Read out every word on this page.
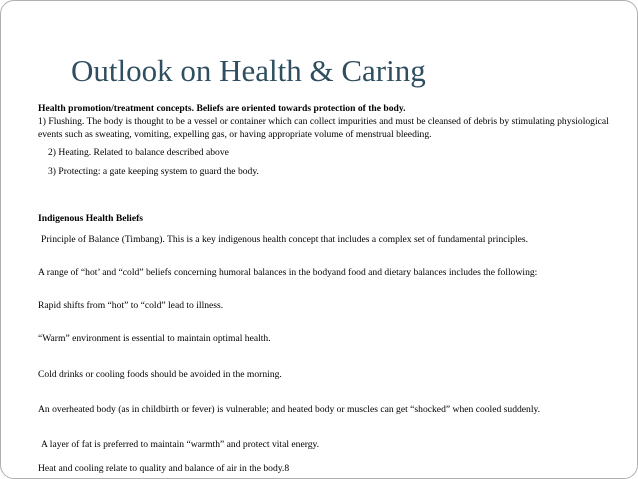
Outlook on Health & Caring
Health promotion/treatment concepts. Beliefs are oriented towards protection of the body.
1) Flushing. The body is thought to be a vessel or container which can collect impurities and must be cleansed of debris by stimulating physiological events such as sweating, vomiting, expelling gas, or having appropriate volume of menstrual bleeding.
2) Heating. Related to balance described above
3) Protecting: a gate keeping system to guard the body.
Indigenous Health Beliefs
Principle of Balance (Timbang). This is a key indigenous health concept that includes a complex set of fundamental principles.
A range of “hot’ and “cold” beliefs concerning humoral balances in the bodyand food and dietary balances includes the following:
Rapid shifts from “hot” to “cold” lead to illness.
“Warm” environment is essential to maintain optimal health.
Cold drinks or cooling foods should be avoided in the morning.
An overheated body (as in childbirth or fever) is vulnerable; and heated body or muscles can get “shocked” when cooled suddenly.
A layer of fat is preferred to maintain “warmth” and protect vital energy.
Heat and cooling relate to quality and balance of air in the body.8
